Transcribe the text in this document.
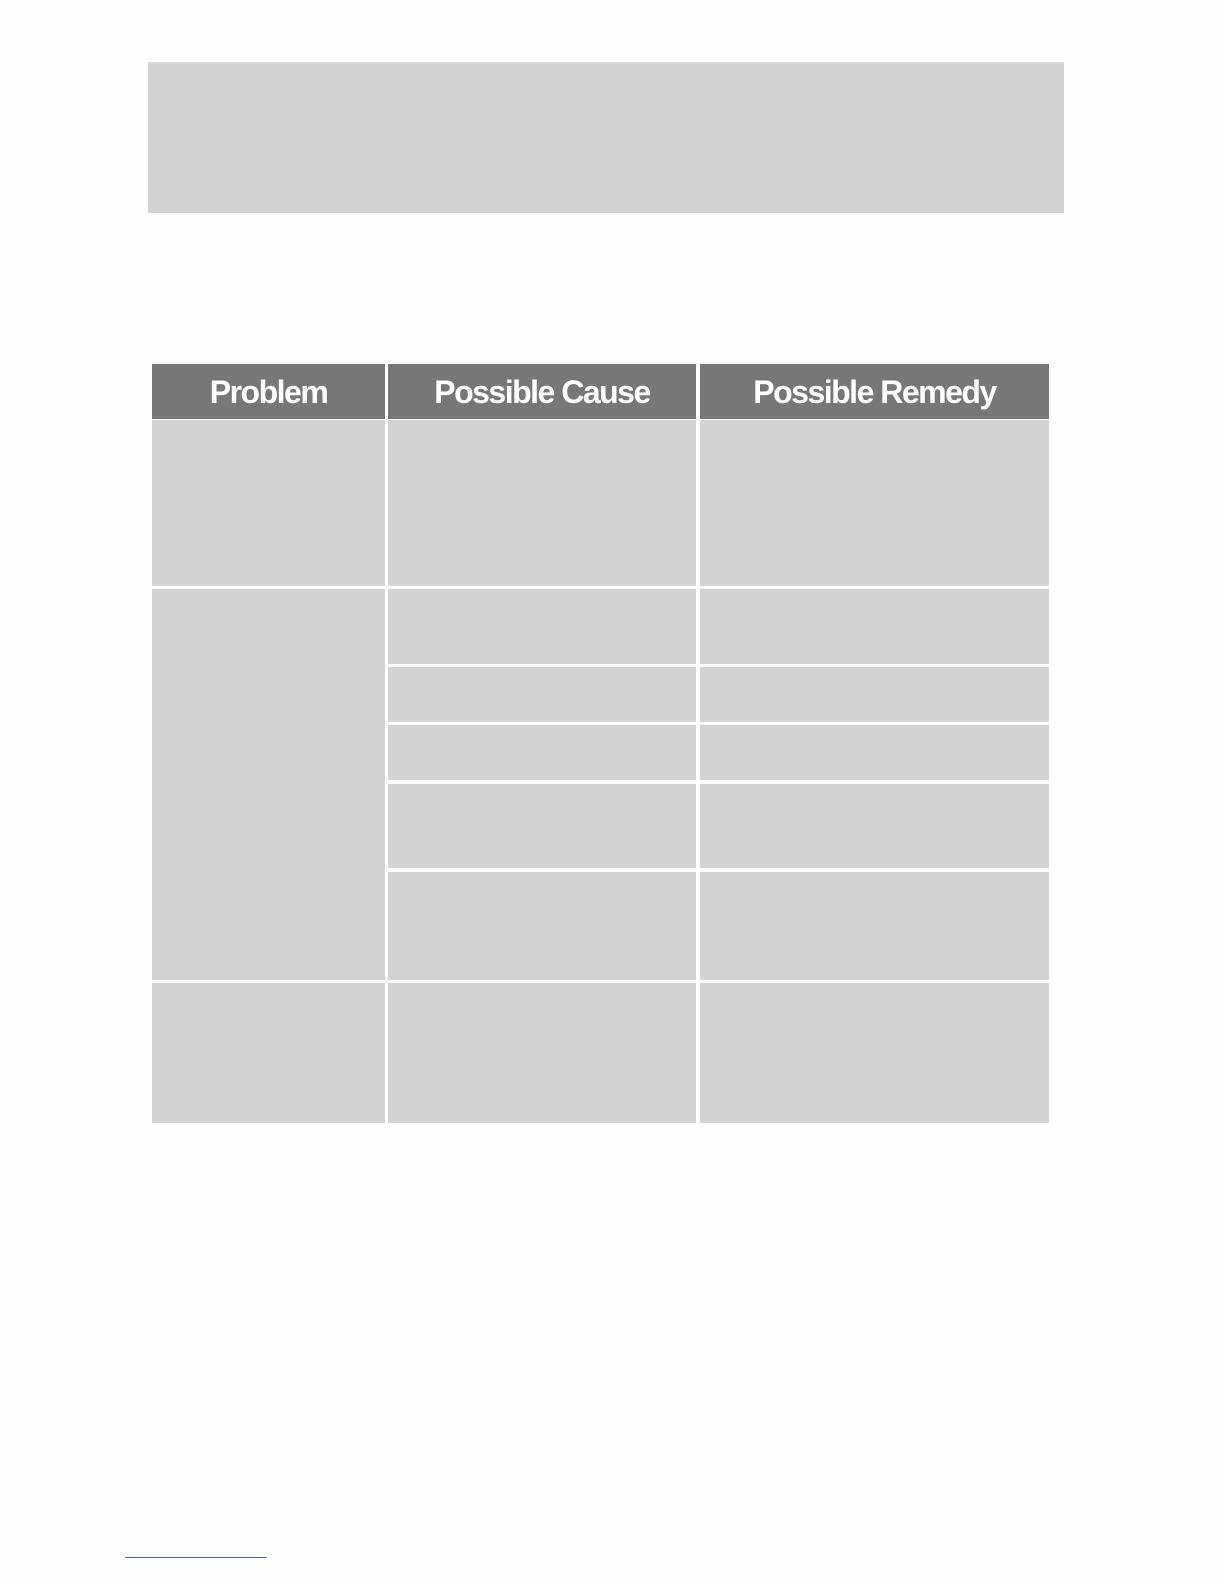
Problem	Possible Cause	Possible Remedy
